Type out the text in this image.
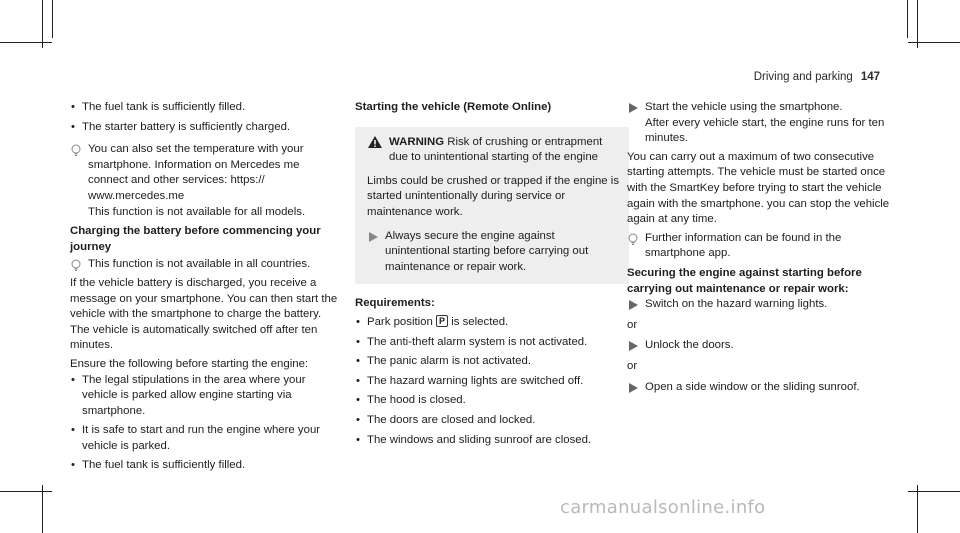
Driving and parking 147
• The fuel tank is sufficiently filled.
• The starter battery is sufficiently charged.
You can also set the temperature with your smartphone. Information on Mercedes me connect and other services: https:// www.mercedes.me
This function is not available for all models.
Charging the battery before commencing your journey
This function is not available in all countries.
If the vehicle battery is discharged, you receive a message on your smartphone. You can then start the vehicle with the smartphone to charge the battery. The vehicle is automatically switched off after ten minutes.
Ensure the following before starting the engine:
• The legal stipulations in the area where your vehicle is parked allow engine starting via smartphone.
• It is safe to start and run the engine where your vehicle is parked.
• The fuel tank is sufficiently filled.
Starting the vehicle (Remote Online)
WARNING Risk of crushing or entrapment due to unintentional starting of the engine
Limbs could be crushed or trapped if the engine is started unintentionally during service or maintenance work.
Always secure the engine against unintentional starting before carrying out maintenance or repair work.
Requirements:
• Park position P is selected.
• The anti-theft alarm system is not activated.
• The panic alarm is not activated.
• The hazard warning lights are switched off.
• The hood is closed.
• The doors are closed and locked.
• The windows and sliding sunroof are closed.
Start the vehicle using the smartphone.
After every vehicle start, the engine runs for ten minutes.
You can carry out a maximum of two consecutive starting attempts. The vehicle must be started once with the SmartKey before trying to start the vehicle again with the smartphone. you can stop the vehicle again at any time.
Further information can be found in the smartphone app.
Securing the engine against starting before carrying out maintenance or repair work:
Switch on the hazard warning lights.
or
Unlock the doors.
or
Open a side window or the sliding sunroof.
carmanualsonline.info
